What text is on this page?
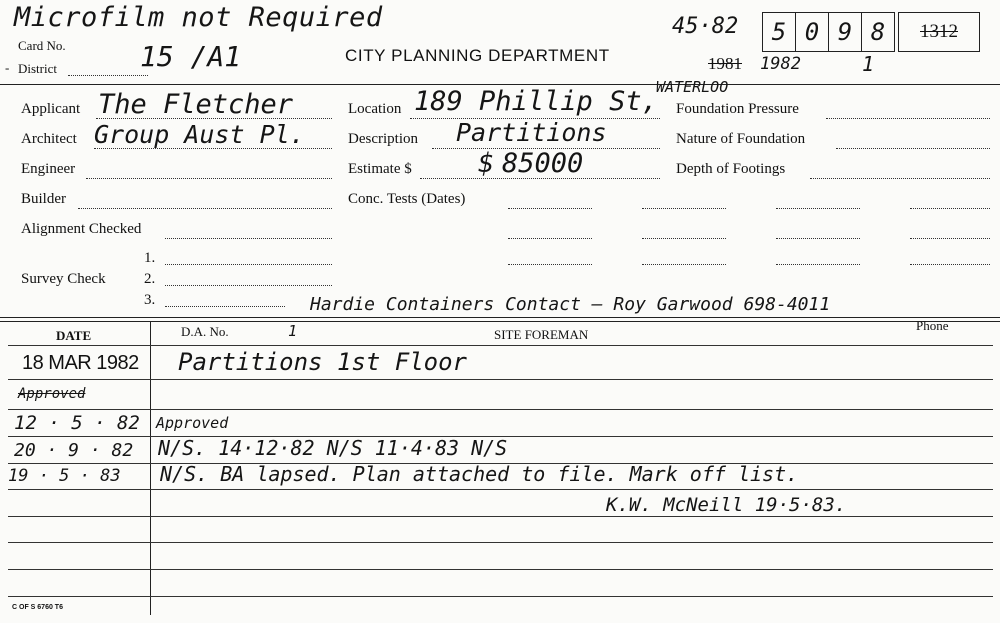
Microfilm not Required
Card No.	15 /A1
- District
CITY PLANNING DEPARTMENT
45·82	5 0 9 8	1312
1981 1982	1
Applicant The Fletcher
Architect Group Aust Pl.
Engineer
Builder
Alignment Checked
Survey Check
1.
2.
3.
Location 189 Phillip St,
WATERLOO
Description Partitions
Estimate $ $ 85000
Conc. Tests (Dates)
Foundation Pressure
Nature of Foundation
Depth of Footings
Hardie Containers Contact – Roy Garwood 698-4011
DATE	D.A. No.	1	SITE FOREMAN
Phone
18 MAR 1982 Partitions 1st Floor
Approved
12 · 5 · 82 Approved
20 · 9 · 82 N/S. 14·12·82 N/S 11·4·83 N/S
19 · 5 · 83 N/S. BA lapsed. Plan attached to file. Mark off list.
K.W. McNeill 19·5·83.
C OF S 6760 T6
